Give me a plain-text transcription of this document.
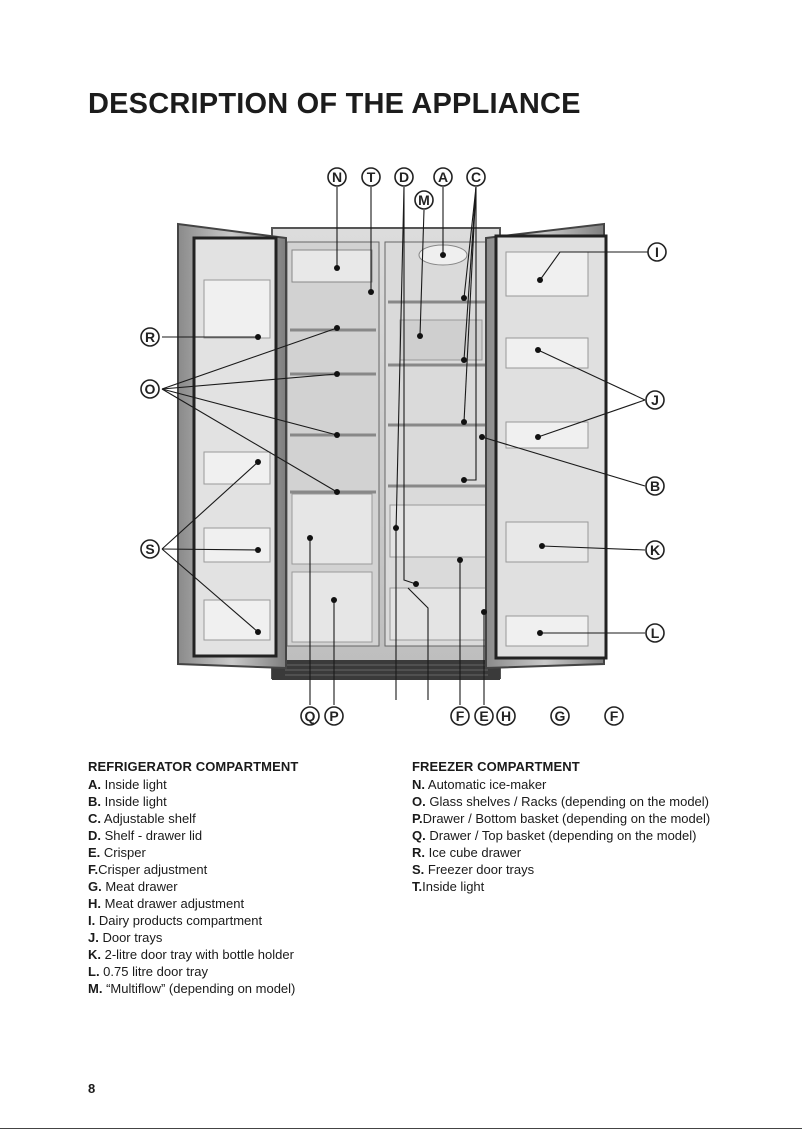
DESCRIPTION OF THE APPLIANCE
N T D A C
M
I
R
O
J
B
S	K
L
Q P	F E H	G	F
REFRIGERATOR COMPARTMENT
A. Inside light
B. Inside light
C. Adjustable shelf
D. Shelf - drawer lid
E. Crisper
F.Crisper adjustment
G. Meat drawer
H. Meat drawer adjustment
I. Dairy products compartment
J. Door trays
K. 2-litre door tray with bottle holder
L. 0.75 litre door tray
M. “Multiflow” (depending on model)
FREEZER COMPARTMENT
N. Automatic ice-maker
O. Glass shelves / Racks (depending on the model)
P.Drawer / Bottom basket (depending on the model)
Q. Drawer / Top basket (depending on the model)
R. Ice cube drawer
S. Freezer door trays
T.Inside light
8
